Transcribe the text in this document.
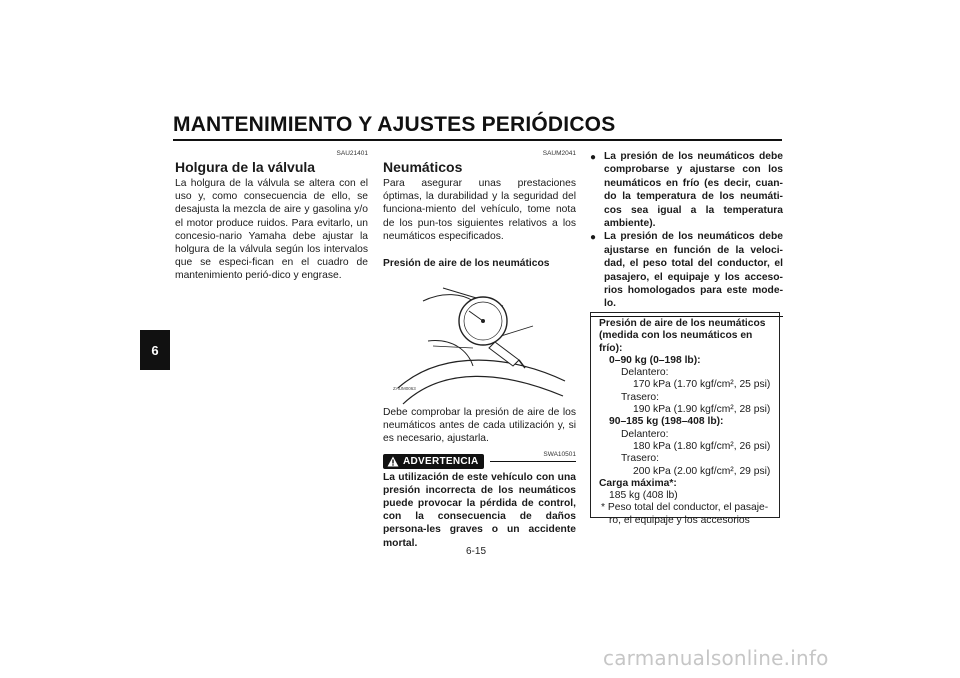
MANTENIMIENTO Y AJUSTES PERIÓDICOS
6
SAU21401
Holgura de la válvula
La holgura de la válvula se altera con el uso y, como consecuencia de ello, se desajusta la mezcla de aire y gasolina y/o el motor produce ruidos. Para evitarlo, un concesio-nario Yamaha debe ajustar la holgura de la válvula según los intervalos que se especi-fican en el cuadro de mantenimiento perió-dico y engrase.
SAUM2041
Neumáticos
Para asegurar unas prestaciones óptimas, la durabilidad y la seguridad del funciona-miento del vehículo, tome nota de los pun-tos siguientes relativos a los neumáticos especificados.
Presión de aire de los neumáticos
ZAUM0063
Debe comprobar la presión de aire de los neumáticos antes de cada utilización y, si es necesario, ajustarla.
ADVERTENCIA
SWA10501
La utilización de este vehículo con una presión incorrecta de los neumáticos puede provocar la pérdida de control, con la consecuencia de daños persona-les graves o un accidente mortal.
● La presión de los neumáticos debe comprobarse y ajustarse con los neumáticos en frío (es decir, cuan-do la temperatura de los neumáti-cos sea igual a la temperatura ambiente).
● La presión de los neumáticos debe ajustarse en función de la veloci-dad, el peso total del conductor, el pasajero, el equipaje y los acceso-rios homologados para este mode-lo.
Presión de aire de los neumáticos (medida con los neumáticos en frío):
0–90 kg (0–198 lb):
Delantero:
170 kPa (1.70 kgf/cm², 25 psi)
Trasero:
190 kPa (1.90 kgf/cm², 28 psi)
90–185 kg (198–408 lb):
Delantero:
180 kPa (1.80 kgf/cm², 26 psi)
Trasero:
200 kPa (2.00 kgf/cm², 29 psi)
Carga máxima*:
185 kg (408 lb)
* Peso total del conductor, el pasaje-ro, el equipaje y los accesorios
6-15
carmanualsonline.info
